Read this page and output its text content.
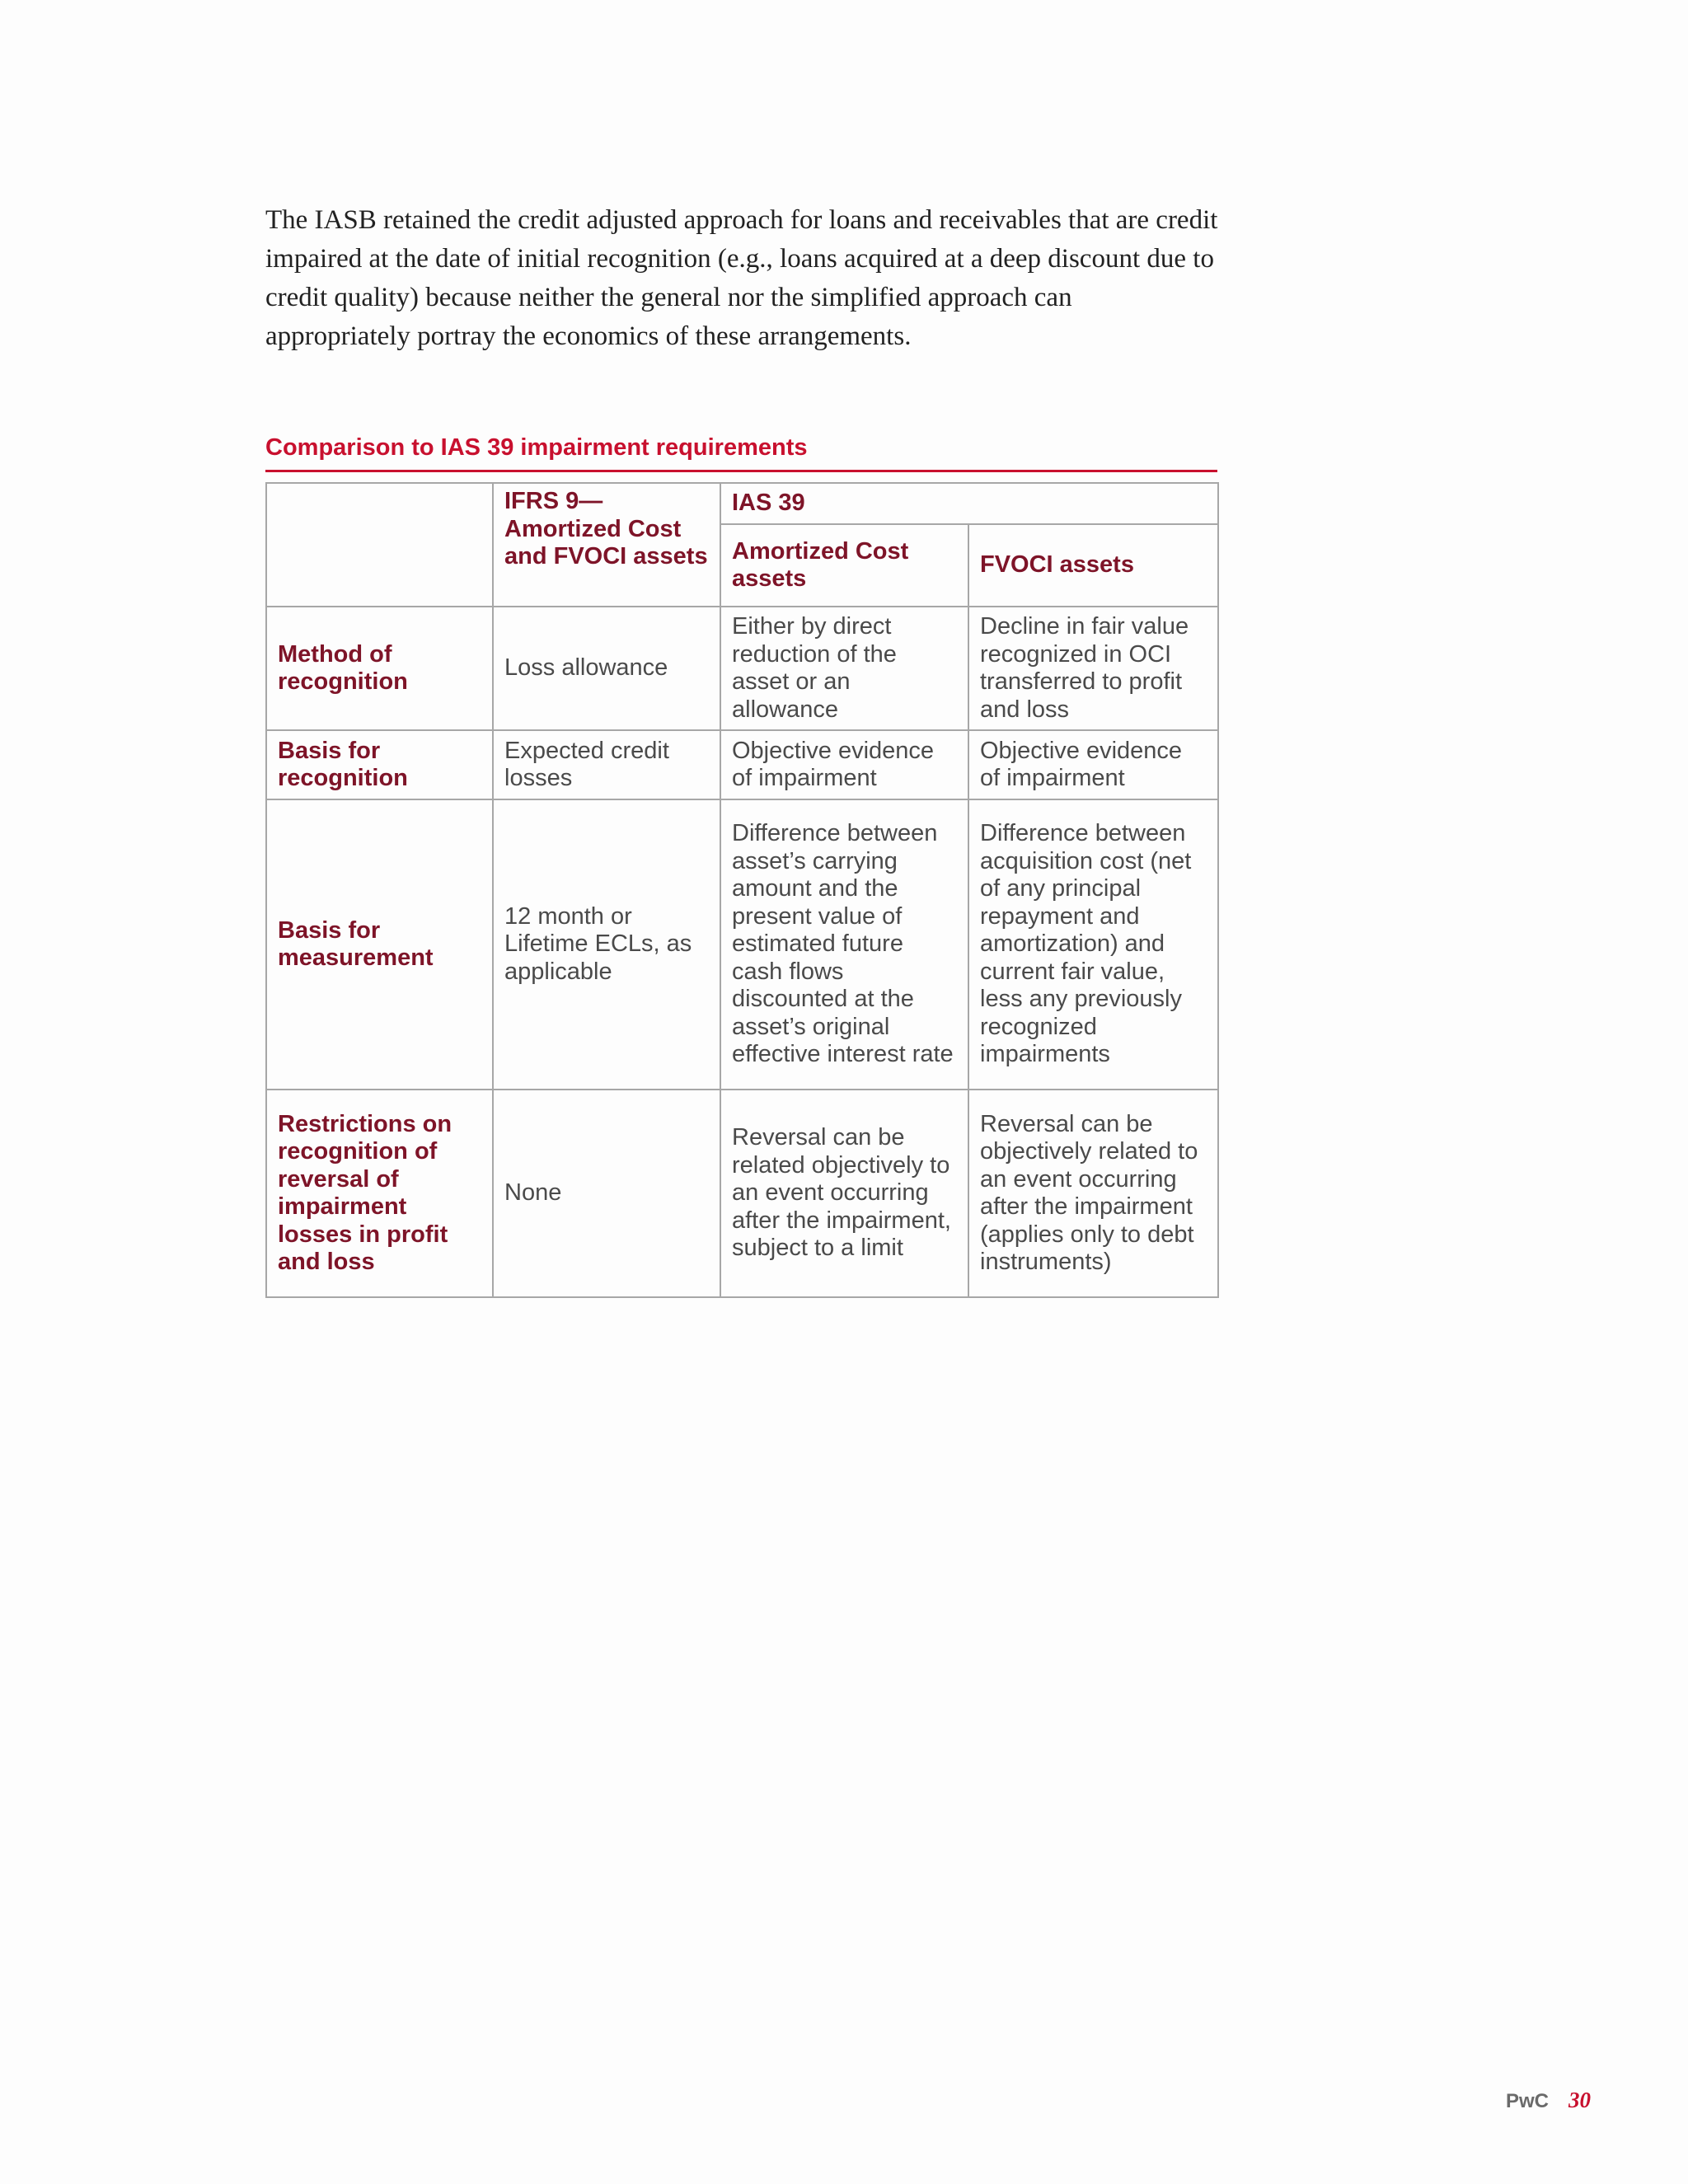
The IASB retained the credit adjusted approach for loans and receivables that are credit impaired at the date of initial recognition (e.g., loans acquired at a deep discount due to credit quality) because neither the general nor the simplified approach can appropriately portray the economics of these arrangements.

Comparison to IAS 39 impairment requirements
	IFRS 9—Amortized Cost and FVOCI assets	IAS 39	
		Amortized Cost assets	FVOCI assets
Method of recognition	Loss allowance	Either by direct reduction of the asset or an allowance	Decline in fair value recognized in OCI transferred to profit and loss
Basis for recognition	Expected credit losses	Objective evidence of impairment	Objective evidence of impairment
Basis for measurement	12 month or Lifetime ECLs, as applicable	Difference between asset’s carrying amount and the present value of estimated future cash flows discounted at the asset’s original effective interest rate	Difference between acquisition cost (net of any principal repayment and amortization) and current fair value, less any previously recognized impairments
Restrictions on recognition of reversal of impairment losses in profit and loss	None	Reversal can be related objectively to an event occurring after the impairment, subject to a limit	Reversal can be objectively related to an event occurring after the impairment (applies only to debt instruments)
PwC 30
